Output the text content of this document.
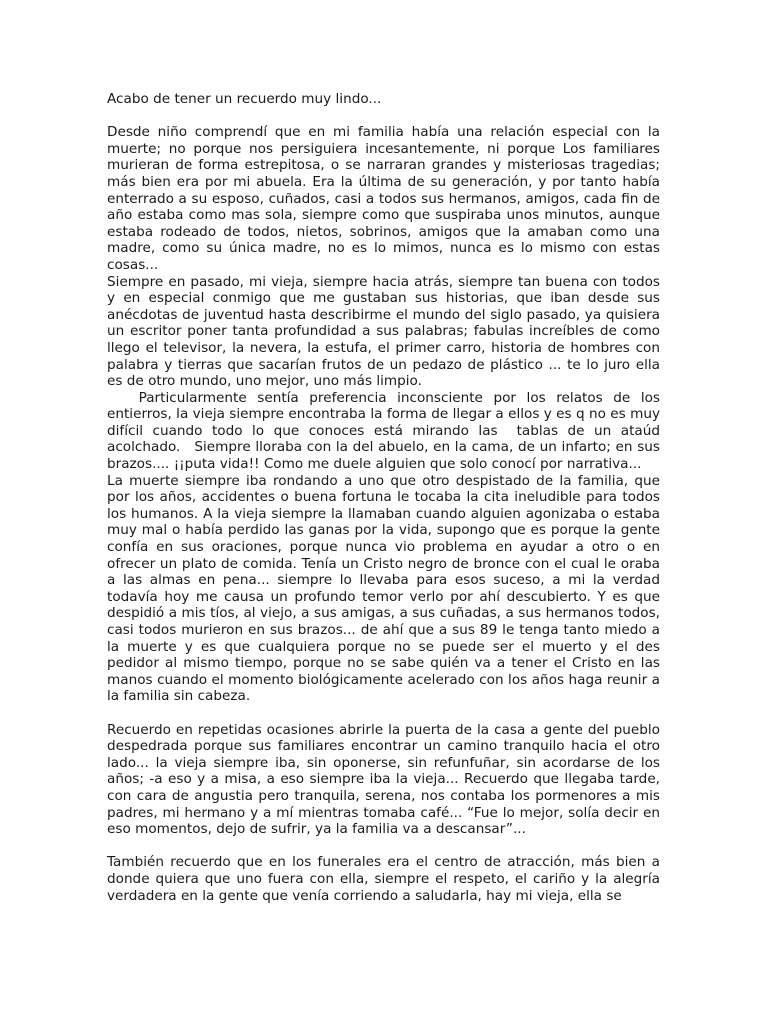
Acabo de tener un recuerdo muy lindo...

Desde niño comprendí que en mi familia había una relación especial con la muerte; no porque nos persiguiera incesantemente, ni porque Los familiares murieran de forma estrepitosa, o se narraran grandes y misteriosas tragedias; más bien era por mi abuela. Era la última de su generación, y por tanto había enterrado a su esposo, cuñados, casi a todos sus hermanos, amigos, cada fin de año estaba como mas sola, siempre como que suspiraba unos minutos, aunque estaba rodeado de todos, nietos, sobrinos, amigos que la amaban como una madre, como su única madre, no es lo mimos, nunca es lo mismo con estas cosas...

Siempre en pasado, mi vieja, siempre hacia atrás, siempre tan buena con todos y en especial conmigo que me gustaban sus historias, que iban desde sus anécdotas de juventud hasta describirme el mundo del siglo pasado, ya quisiera un escritor poner tanta profundidad a sus palabras; fabulas increíbles de como llego el televisor, la nevera, la estufa, el primer carro, historia de hombres con palabra y tierras que sacarían frutos de un pedazo de plástico ... te lo juro ella es de otro mundo, uno mejor, uno más limpio.

Particularmente sentía preferencia inconsciente por los relatos de los entierros, la vieja siempre encontraba la forma de llegar a ellos y es q no es muy difícil cuando todo lo que conoces está mirando las  tablas de un ataúd acolchado.   Siempre lloraba con la del abuelo, en la cama, de un infarto; en sus brazos.... ¡¡puta vida!! Como me duele alguien que solo conocí por narrativa...

La muerte siempre iba rondando a uno que otro despistado de la familia, que por los años, accidentes o buena fortuna le tocaba la cita ineludible para todos los humanos. A la vieja siempre la llamaban cuando alguien agonizaba o estaba muy mal o había perdido las ganas por la vida, supongo que es porque la gente confía en sus oraciones, porque nunca vio problema en ayudar a otro o en ofrecer un plato de comida. Tenía un Cristo negro de bronce con el cual le oraba a las almas en pena... siempre lo llevaba para esos suceso, a mi la verdad todavía hoy me causa un profundo temor verlo por ahí descubierto. Y es que despidió a mis tíos, al viejo, a sus amigas, a sus cuñadas, a sus hermanos todos, casi todos murieron en sus brazos... de ahí que a sus 89 le tenga tanto miedo a la muerte y es que cualquiera porque no se puede ser el muerto y el des pedidor al mismo tiempo, porque no se sabe quién va a tener el Cristo en las manos cuando el momento biológicamente acelerado con los años haga reunir a la familia sin cabeza.

Recuerdo en repetidas ocasiones abrirle la puerta de la casa a gente del pueblo despedrada porque sus familiares encontrar un camino tranquilo hacia el otro lado... la vieja siempre iba, sin oponerse, sin refunfuñar, sin acordarse de los años; -a eso y a misa, a eso siempre iba la vieja... Recuerdo que llegaba tarde, con cara de angustia pero tranquila, serena, nos contaba los pormenores a mis padres, mi hermano y a mí mientras tomaba café... “Fue lo mejor, solía decir en eso momentos, dejo de sufrir, ya la familia va a descansar”...

También recuerdo que en los funerales era el centro de atracción, más bien a donde quiera que uno fuera con ella, siempre el respeto, el cariño y la alegría verdadera en la gente que venía corriendo a saludarla, hay mi vieja, ella se
